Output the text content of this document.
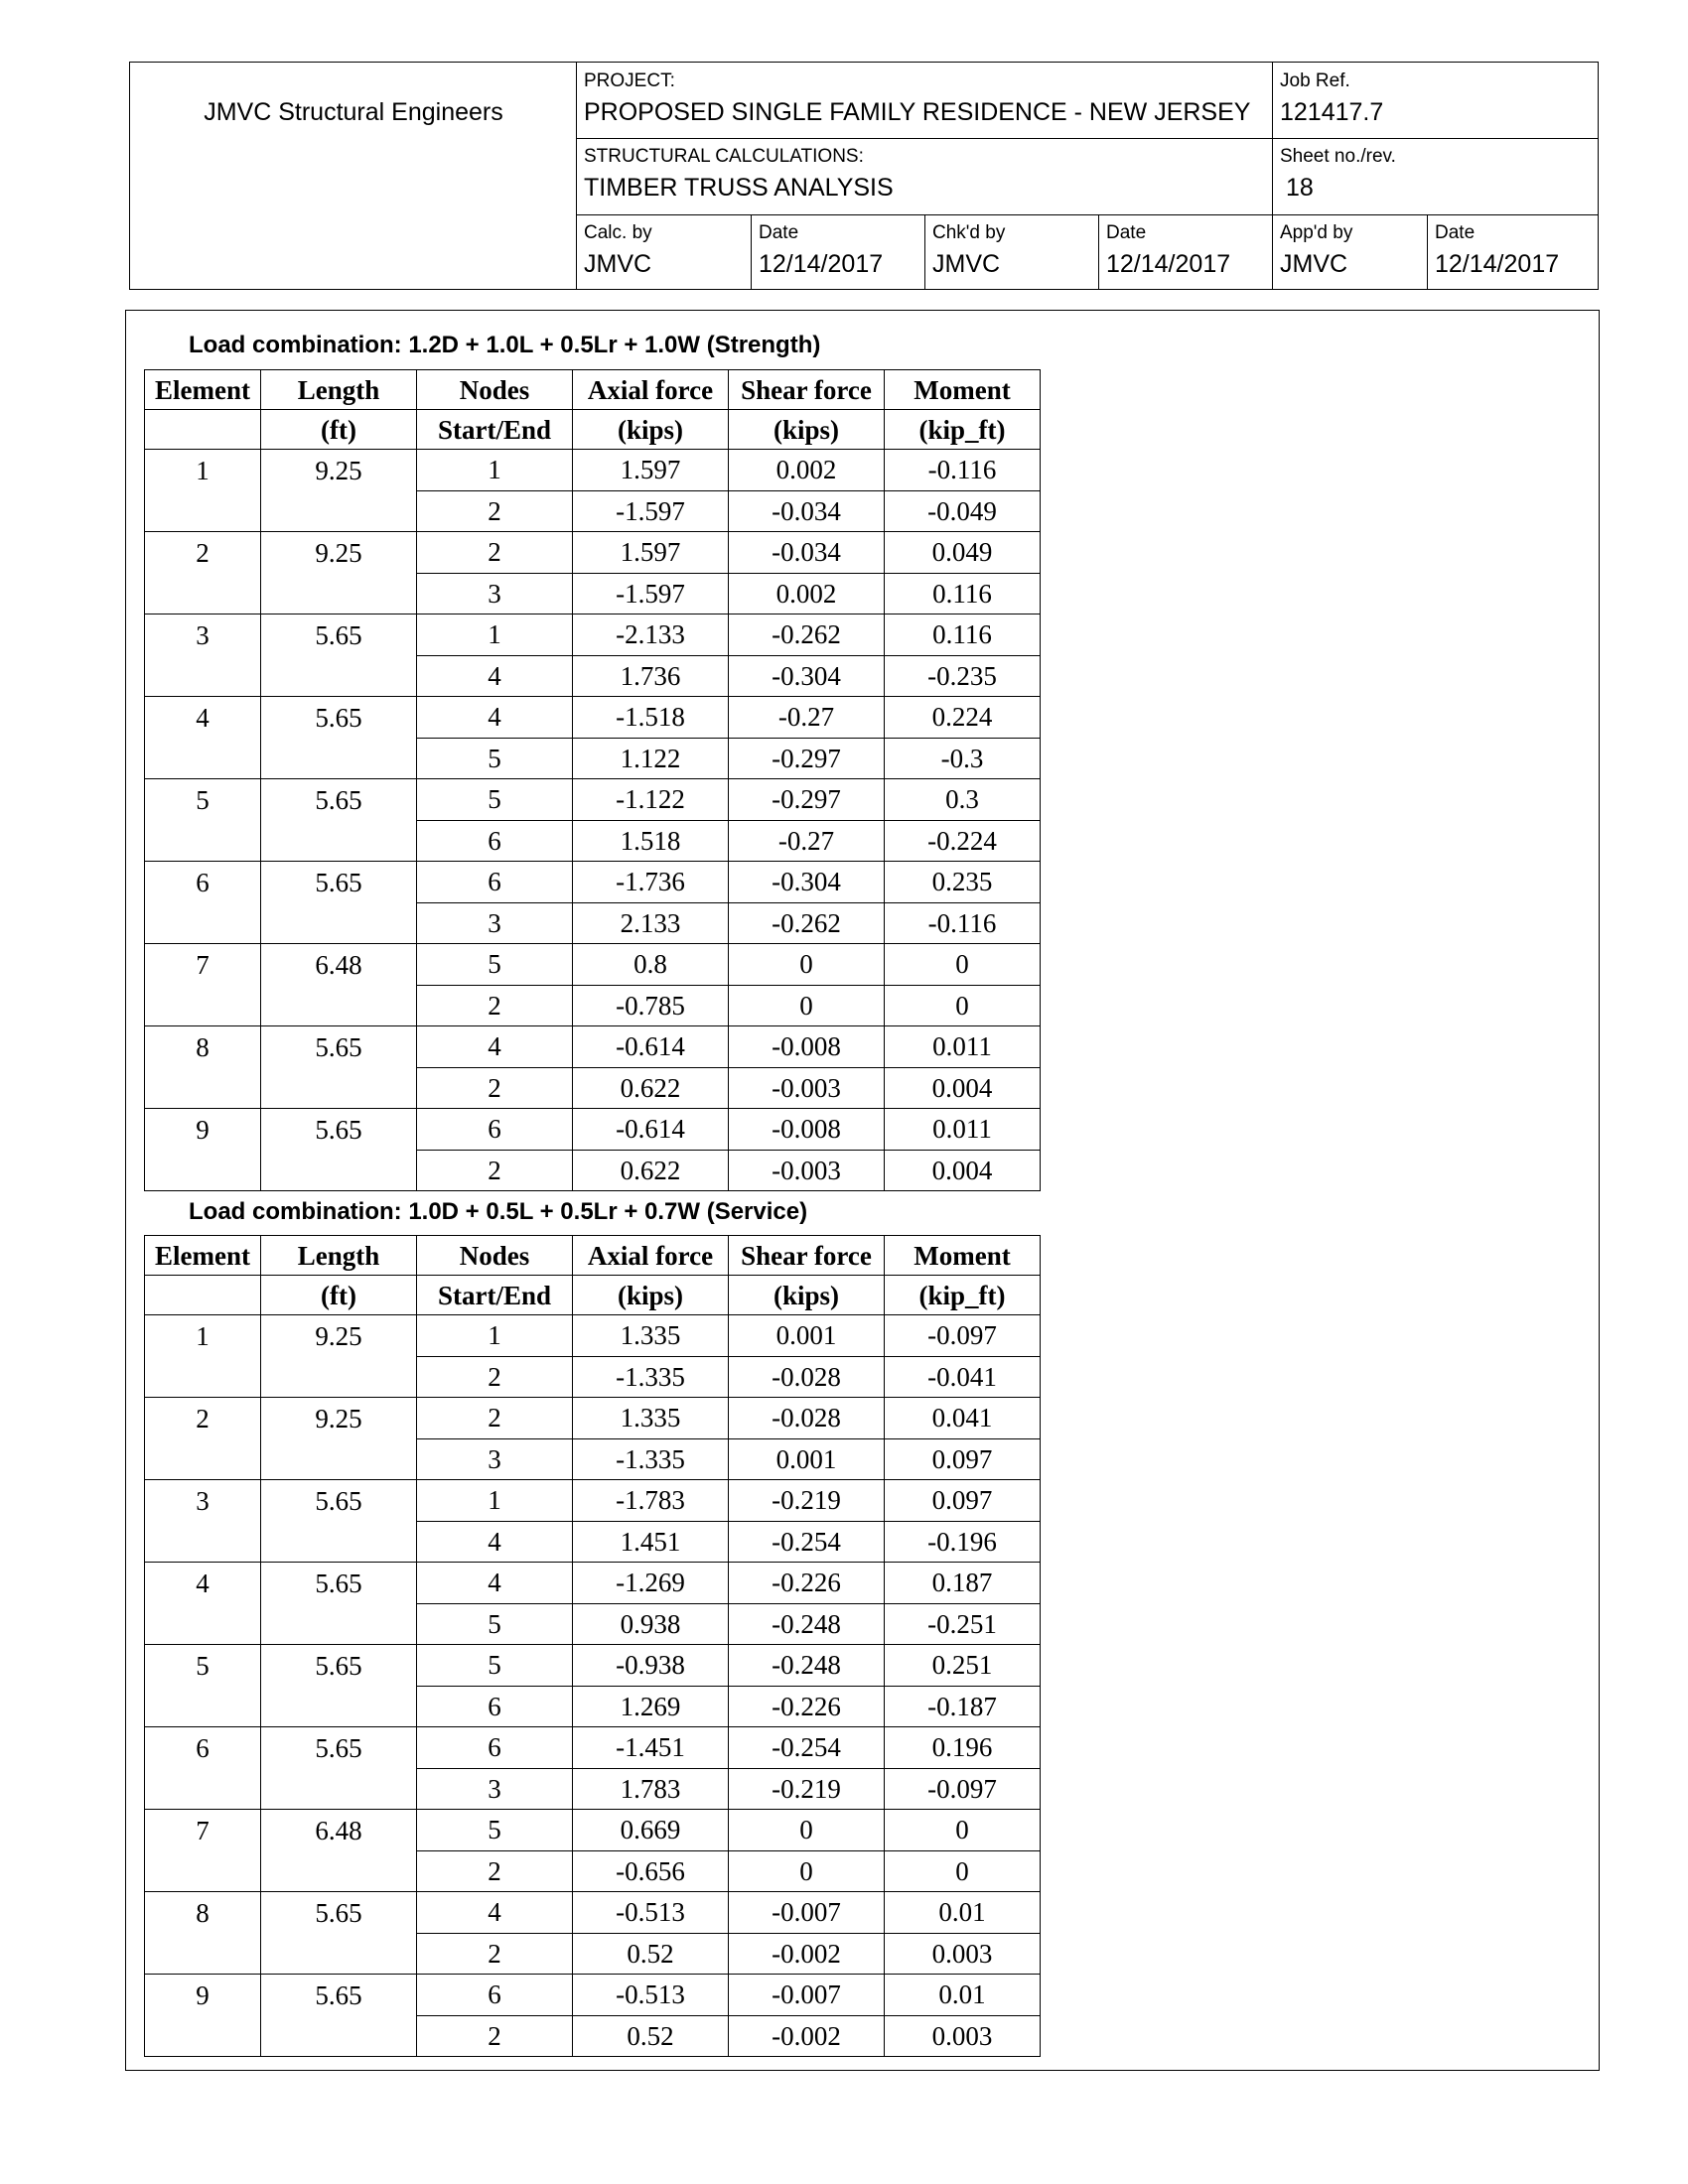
JMVC Structural Engineers
PROJECT:
PROPOSED SINGLE FAMILY RESIDENCE - NEW JERSEY
Job Ref.
121417.7
STRUCTURAL CALCULATIONS:
TIMBER TRUSS ANALYSIS
Sheet no./rev.
18
Calc. by
JMVC
Date
12/14/2017
Chk'd by
JMVC
Date
12/14/2017
App'd by
JMVC
Date
12/14/2017
Load combination: 1.2D + 1.0L + 0.5Lr + 1.0W (Strength)
Element	Length	Nodes	Axial force	Shear force	Moment
	(ft)	Start/End	(kips)	(kips)	(kip_ft)
1	9.25	1	1.597	0.002	-0.116
		2	-1.597	-0.034	-0.049
2	9.25	2	1.597	-0.034	0.049
		3	-1.597	0.002	0.116
3	5.65	1	-2.133	-0.262	0.116
		4	1.736	-0.304	-0.235
4	5.65	4	-1.518	-0.27	0.224
		5	1.122	-0.297	-0.3
5	5.65	5	-1.122	-0.297	0.3
		6	1.518	-0.27	-0.224
6	5.65	6	-1.736	-0.304	0.235
		3	2.133	-0.262	-0.116
7	6.48	5	0.8	0	0
		2	-0.785	0	0
8	5.65	4	-0.614	-0.008	0.011
		2	0.622	-0.003	0.004
9	5.65	6	-0.614	-0.008	0.011
		2	0.622	-0.003	0.004
Load combination: 1.0D + 0.5L + 0.5Lr + 0.7W (Service)
Element	Length	Nodes	Axial force	Shear force	Moment
	(ft)	Start/End	(kips)	(kips)	(kip_ft)
1	9.25	1	1.335	0.001	-0.097
		2	-1.335	-0.028	-0.041
2	9.25	2	1.335	-0.028	0.041
		3	-1.335	0.001	0.097
3	5.65	1	-1.783	-0.219	0.097
		4	1.451	-0.254	-0.196
4	5.65	4	-1.269	-0.226	0.187
		5	0.938	-0.248	-0.251
5	5.65	5	-0.938	-0.248	0.251
		6	1.269	-0.226	-0.187
6	5.65	6	-1.451	-0.254	0.196
		3	1.783	-0.219	-0.097
7	6.48	5	0.669	0	0
		2	-0.656	0	0
8	5.65	4	-0.513	-0.007	0.01
		2	0.52	-0.002	0.003
9	5.65	6	-0.513	-0.007	0.01
		2	0.52	-0.002	0.003
